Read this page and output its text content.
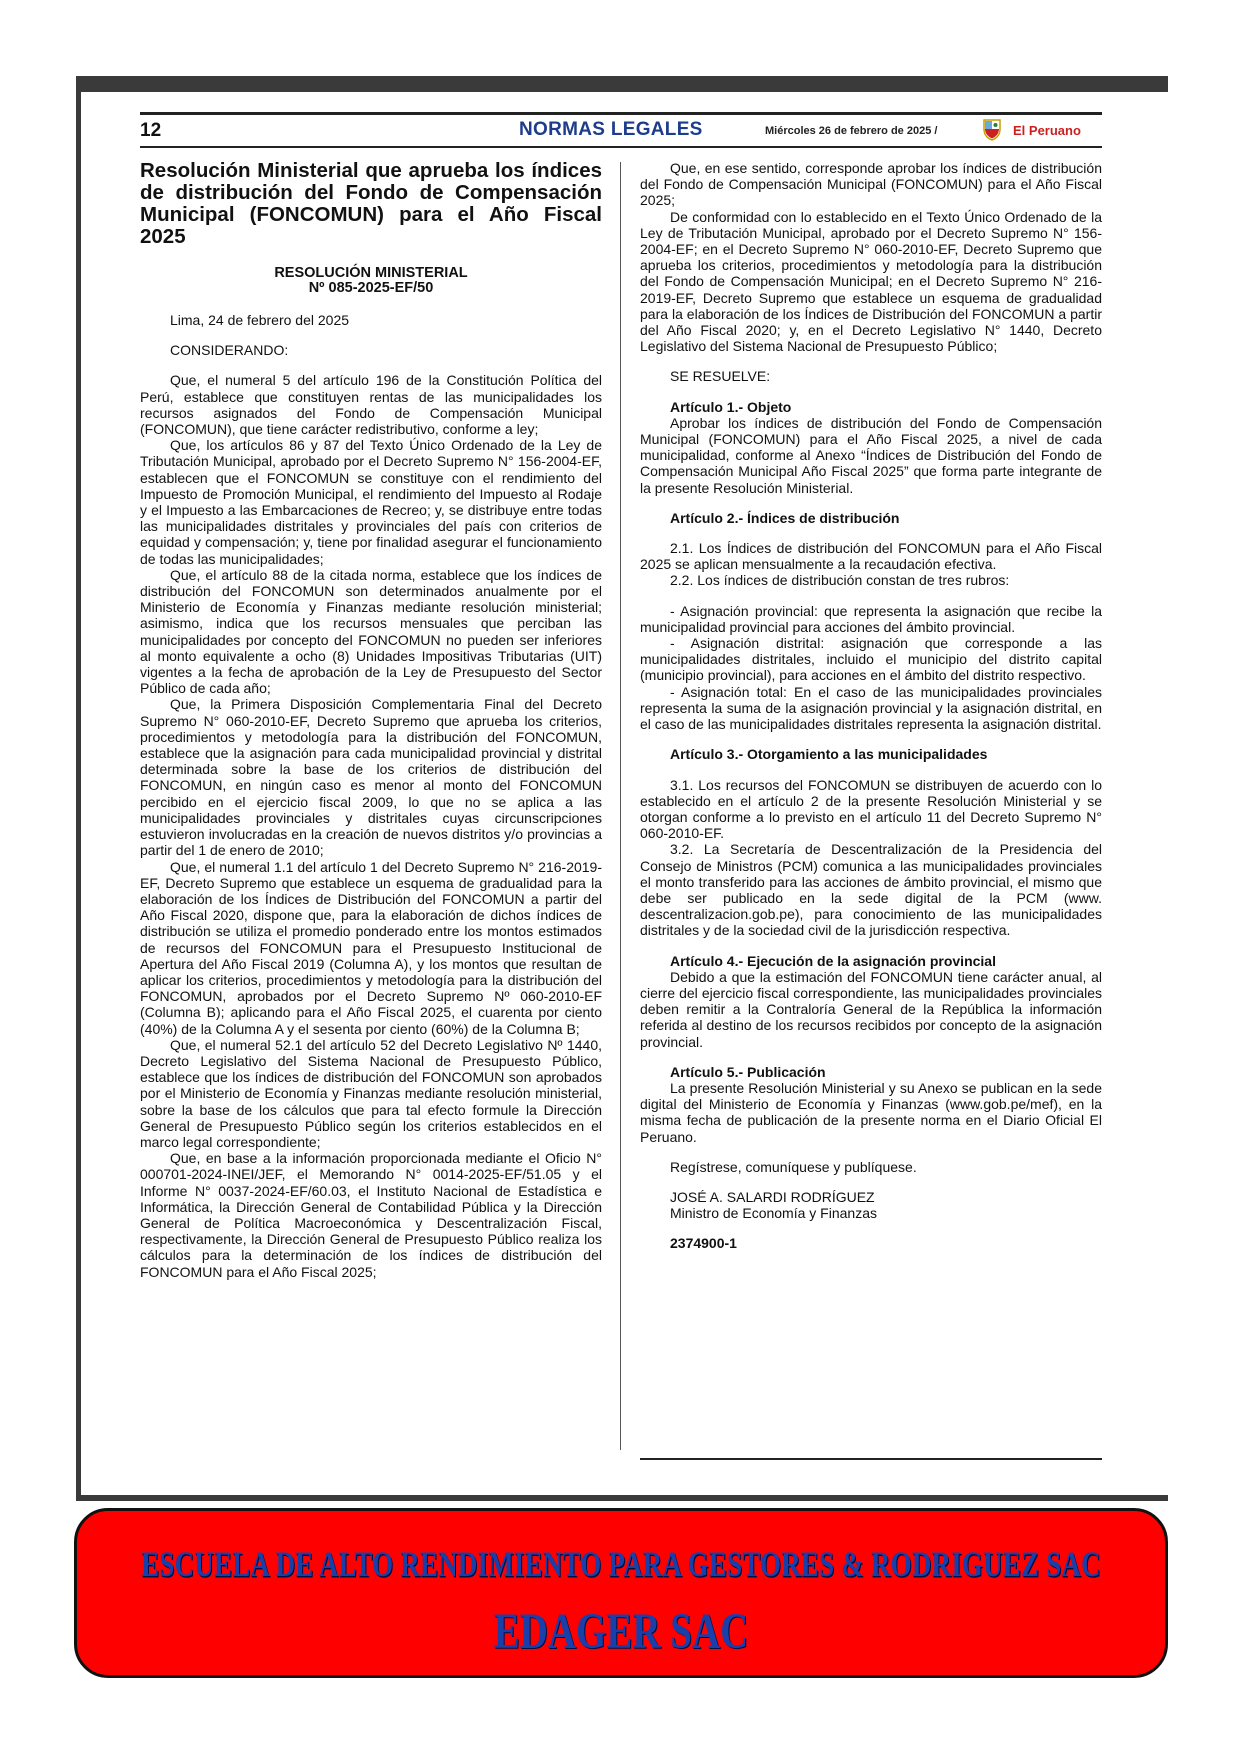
12	NORMAS LEGALES	Miércoles 26 de febrero de 2025 /	El Peruano
Resolución Ministerial que aprueba los índices de distribución del Fondo de Compensación Municipal (FONCOMUN) para el Año Fiscal 2025
RESOLUCIÓN MINISTERIAL
Nº 085-2025-EF/50

Lima, 24 de febrero del 2025

CONSIDERANDO:

Que, el numeral 5 del artículo 196 de la Constitución Política del Perú, establece que constituyen rentas de las municipalidades los recursos asignados del Fondo de Compensación Municipal (FONCOMUN), que tiene carácter redistributivo, conforme a ley;

Que, los artículos 86 y 87 del Texto Único Ordenado de la Ley de Tributación Municipal, aprobado por el Decreto Supremo N° 156-2004-EF, establecen que el FONCOMUN se constituye con el rendimiento del Impuesto de Promoción Municipal, el rendimiento del Impuesto al Rodaje y el Impuesto a las Embarcaciones de Recreo; y, se distribuye entre todas las municipalidades distritales y provinciales del país con criterios de equidad y compensación; y, tiene por finalidad asegurar el funcionamiento de todas las municipalidades;

Que, el artículo 88 de la citada norma, establece que los índices de distribución del FONCOMUN son determinados anualmente por el Ministerio de Economía y Finanzas mediante resolución ministerial; asimismo, indica que los recursos mensuales que perciban las municipalidades por concepto del FONCOMUN no pueden ser inferiores al monto equivalente a ocho (8) Unidades Impositivas Tributarias (UIT) vigentes a la fecha de aprobación de la Ley de Presupuesto del Sector Público de cada año;

Que, la Primera Disposición Complementaria Final del Decreto Supremo N° 060-2010-EF, Decreto Supremo que aprueba los criterios, procedimientos y metodología para la distribución del FONCOMUN, establece que la asignación para cada municipalidad provincial y distrital determinada sobre la base de los criterios de distribución del FONCOMUN, en ningún caso es menor al monto del FONCOMUN percibido en el ejercicio fiscal 2009, lo que no se aplica a las municipalidades provinciales y distritales cuyas circunscripciones estuvieron involucradas en la creación de nuevos distritos y/o provincias a partir del 1 de enero de 2010;

Que, el numeral 1.1 del artículo 1 del Decreto Supremo N° 216-2019-EF, Decreto Supremo que establece un esquema de gradualidad para la elaboración de los Índices de Distribución del FONCOMUN a partir del Año Fiscal 2020, dispone que, para la elaboración de dichos índices de distribución se utiliza el promedio ponderado entre los montos estimados de recursos del FONCOMUN para el Presupuesto Institucional de Apertura del Año Fiscal 2019 (Columna A), y los montos que resultan de aplicar los criterios, procedimientos y metodología para la distribución del FONCOMUN, aprobados por el Decreto Supremo Nº 060-2010-EF (Columna B); aplicando para el Año Fiscal 2025, el cuarenta por ciento (40%) de la Columna A y el sesenta por ciento (60%) de la Columna B;

Que, el numeral 52.1 del artículo 52 del Decreto Legislativo Nº 1440, Decreto Legislativo del Sistema Nacional de Presupuesto Público, establece que los índices de distribución del FONCOMUN son aprobados por el Ministerio de Economía y Finanzas mediante resolución ministerial, sobre la base de los cálculos que para tal efecto formule la Dirección General de Presupuesto Público según los criterios establecidos en el marco legal correspondiente;

Que, en base a la información proporcionada mediante el Oficio N° 000701-2024-INEI/JEF, el Memorando N° 0014-2025-EF/51.05 y el Informe N° 0037-2024-EF/60.03, el Instituto Nacional de Estadística e Informática, la Dirección General de Contabilidad Pública y la Dirección General de Política Macroeconómica y Descentralización Fiscal, respectivamente, la Dirección General de Presupuesto Público realiza los cálculos para la determinación de los índices de distribución del FONCOMUN para el Año Fiscal 2025;

Que, en ese sentido, corresponde aprobar los índices de distribución del Fondo de Compensación Municipal (FONCOMUN) para el Año Fiscal 2025;

De conformidad con lo establecido en el Texto Único Ordenado de la Ley de Tributación Municipal, aprobado por el Decreto Supremo N° 156-2004-EF; en el Decreto Supremo N° 060-2010-EF, Decreto Supremo que aprueba los criterios, procedimientos y metodología para la distribución del Fondo de Compensación Municipal; en el Decreto Supremo N° 216-2019-EF, Decreto Supremo que establece un esquema de gradualidad para la elaboración de los Índices de Distribución del FONCOMUN a partir del Año Fiscal 2020; y, en el Decreto Legislativo N° 1440, Decreto Legislativo del Sistema Nacional de Presupuesto Público;

SE RESUELVE:

Artículo 1.- Objeto

Aprobar los índices de distribución del Fondo de Compensación Municipal (FONCOMUN) para el Año Fiscal 2025, a nivel de cada municipalidad, conforme al Anexo “Índices de Distribución del Fondo de Compensación Municipal Año Fiscal 2025” que forma parte integrante de la presente Resolución Ministerial.

Artículo 2.- Índices de distribución

2.1. Los Índices de distribución del FONCOMUN para el Año Fiscal 2025 se aplican mensualmente a la recaudación efectiva.

2.2. Los índices de distribución constan de tres rubros:

- Asignación provincial: que representa la asignación que recibe la municipalidad provincial para acciones del ámbito provincial.

- Asignación distrital: asignación que corresponde a las municipalidades distritales, incluido el municipio del distrito capital (municipio provincial), para acciones en el ámbito del distrito respectivo.

- Asignación total: En el caso de las municipalidades provinciales representa la suma de la asignación provincial y la asignación distrital, en el caso de las municipalidades distritales representa la asignación distrital.

Artículo 3.- Otorgamiento a las municipalidades

3.1. Los recursos del FONCOMUN se distribuyen de acuerdo con lo establecido en el artículo 2 de la presente Resolución Ministerial y se otorgan conforme a lo previsto en el artículo 11 del Decreto Supremo N° 060-2010-EF.

3.2. La Secretaría de Descentralización de la Presidencia del Consejo de Ministros (PCM) comunica a las municipalidades provinciales el monto transferido para las acciones de ámbito provincial, el mismo que debe ser publicado en la sede digital de la PCM (www. descentralizacion.gob.pe), para conocimiento de las municipalidades distritales y de la sociedad civil de la jurisdicción respectiva.

Artículo 4.- Ejecución de la asignación provincial

Debido a que la estimación del FONCOMUN tiene carácter anual, al cierre del ejercicio fiscal correspondiente, las municipalidades provinciales deben remitir a la Contraloría General de la República la información referida al destino de los recursos recibidos por concepto de la asignación provincial.

Artículo 5.- Publicación

La presente Resolución Ministerial y su Anexo se publican en la sede digital del Ministerio de Economía y Finanzas (www.gob.pe/mef), en la misma fecha de publicación de la presente norma en el Diario Oficial El Peruano.

Regístrese, comuníquese y publíquese.

JOSÉ A. SALARDI RODRÍGUEZ

Ministro de Economía y Finanzas

2374900-1

ESCUELA DE ALTO RENDIMIENTO PARA GESTORES & RODRIGUEZ SAC
EDAGER SAC
